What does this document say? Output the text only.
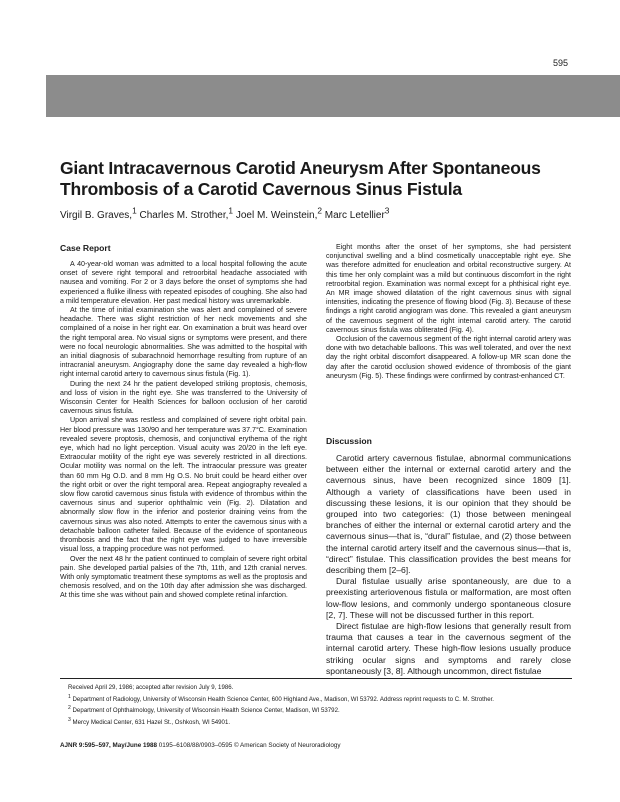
595
Giant Intracavernous Carotid Aneurysm After Spontaneous
Thrombosis of a Carotid Cavernous Sinus Fistula
Virgil B. Graves,$^1$ Charles M. Strother,$^1$ Joel M. Weinstein,$^2$ Marc Letellier$^3$
Case Report

A 40-year-old woman was admitted to a local hospital following the acute onset of severe right temporal and retroorbital headache associated with nausea and vomiting. For 2 or 3 days before the onset of symptoms she had experienced a flulike illness with repeated episodes of coughing. She also had a mild temperature elevation. Her past medical history was unremarkable.

At the time of initial examination she was alert and complained of severe headache. There was slight restriction of her neck movements and she complained of a noise in her right ear. On examination a bruit was heard over the right temporal area. No visual signs or symptoms were present, and there were no focal neurologic abnormalities. She was admitted to the hospital with an initial diagnosis of subarachnoid hemorrhage resulting from rupture of an intracranial aneurysm. Angiography done the same day revealed a high-flow right internal carotid artery to cavernous sinus fistula (Fig. 1).

During the next 24 hr the patient developed striking proptosis, chemosis, and loss of vision in the right eye. She was transferred to the University of Wisconsin Center for Health Sciences for balloon occlusion of her carotid cavernous sinus fistula.

Upon arrival she was restless and complained of severe right orbital pain. Her blood pressure was 130/90 and her temperature was 37.7°C. Examination revealed severe proptosis, chemosis, and conjunctival erythema of the right eye, which had no light perception. Visual acuity was 20/20 in the left eye. Extraocular motility of the right eye was severely restricted in all directions. Ocular motility was normal on the left. The intraocular pressure was greater than 60 mm Hg O.D. and 8 mm Hg O.S. No bruit could be heard either over the right orbit or over the right temporal area. Repeat angiography revealed a slow flow carotid cavernous sinus fistula with evidence of thrombus within the cavernous sinus and superior ophthalmic vein (Fig. 2). Dilatation and abnormally slow flow in the inferior and posterior draining veins from the cavernous sinus was also noted. Attempts to enter the cavernous sinus with a detachable balloon catheter failed. Because of the evidence of spontaneous thrombosis and the fact that the right eye was judged to have irreversible visual loss, a trapping procedure was not performed.

Over the next 48 hr the patient continued to complain of severe right orbital pain. She developed partial palsies of the 7th, 11th, and 12th cranial nerves. With only symptomatic treatment these symptoms as well as the proptosis and chemosis resolved, and on the 10th day after admission she was discharged. At this time she was without pain and showed complete retinal infarction.

Eight months after the onset of her symptoms, she had persistent conjunctival swelling and a blind cosmetically unacceptable right eye. She was therefore admitted for enucleation and orbital reconstructive surgery. At this time her only complaint was a mild but continuous discomfort in the right retroorbital region. Examination was normal except for a phthisical right eye. An MR image showed dilatation of the right cavernous sinus with signal intensities, indicating the presence of flowing blood (Fig. 3). Because of these findings a right carotid angiogram was done. This revealed a giant aneurysm of the cavernous segment of the right internal carotid artery. The carotid cavernous sinus fistula was obliterated (Fig. 4).

Occlusion of the cavernous segment of the right internal carotid artery was done with two detachable balloons. This was well tolerated, and over the next day the right orbital discomfort disappeared. A follow-up MR scan done the day after the carotid occlusion showed evidence of thrombosis of the giant aneurysm (Fig. 5). These findings were confirmed by contrast-enhanced CT.

Discussion

Carotid artery cavernous fistulae, abnormal communications between either the internal or external carotid artery and the cavernous sinus, have been recognized since 1809 [1]. Although a variety of classifications have been used in discussing these lesions, it is our opinion that they should be grouped into two categories: (1) those between meningeal branches of either the internal or external carotid artery and the cavernous sinus—that is, “dural” fistulae, and (2) those between the internal carotid artery itself and the cavernous sinus—that is, “direct” fistulae. This classification provides the best means for describing them [2–6].

Dural fistulae usually arise spontaneously, are due to a preexisting arteriovenous fistula or malformation, are most often low-flow lesions, and commonly undergo spontaneous closure [2, 7]. These will not be discussed further in this report.

Direct fistulae are high-flow lesions that generally result from trauma that causes a tear in the cavernous segment of the internal carotid artery. These high-flow lesions usually produce striking ocular signs and symptoms and rarely close spontaneously [3, 8]. Although uncommon, direct fistulae

Received April 29, 1986; accepted after revision July 9, 1986.
$^1$ Department of Radiology, University of Wisconsin Health Science Center, 600 Highland Ave., Madison, WI 53792. Address reprint requests to C. M. Strother.
$^2$ Department of Ophthalmology, University of Wisconsin Health Science Center, Madison, WI 53792.
$^3$ Mercy Medical Center, 631 Hazel St., Oshkosh, WI 54901.
AJNR 9:595–597, May/June 1988 0195–6108/88/0903–0595 © American Society of Neuroradiology
